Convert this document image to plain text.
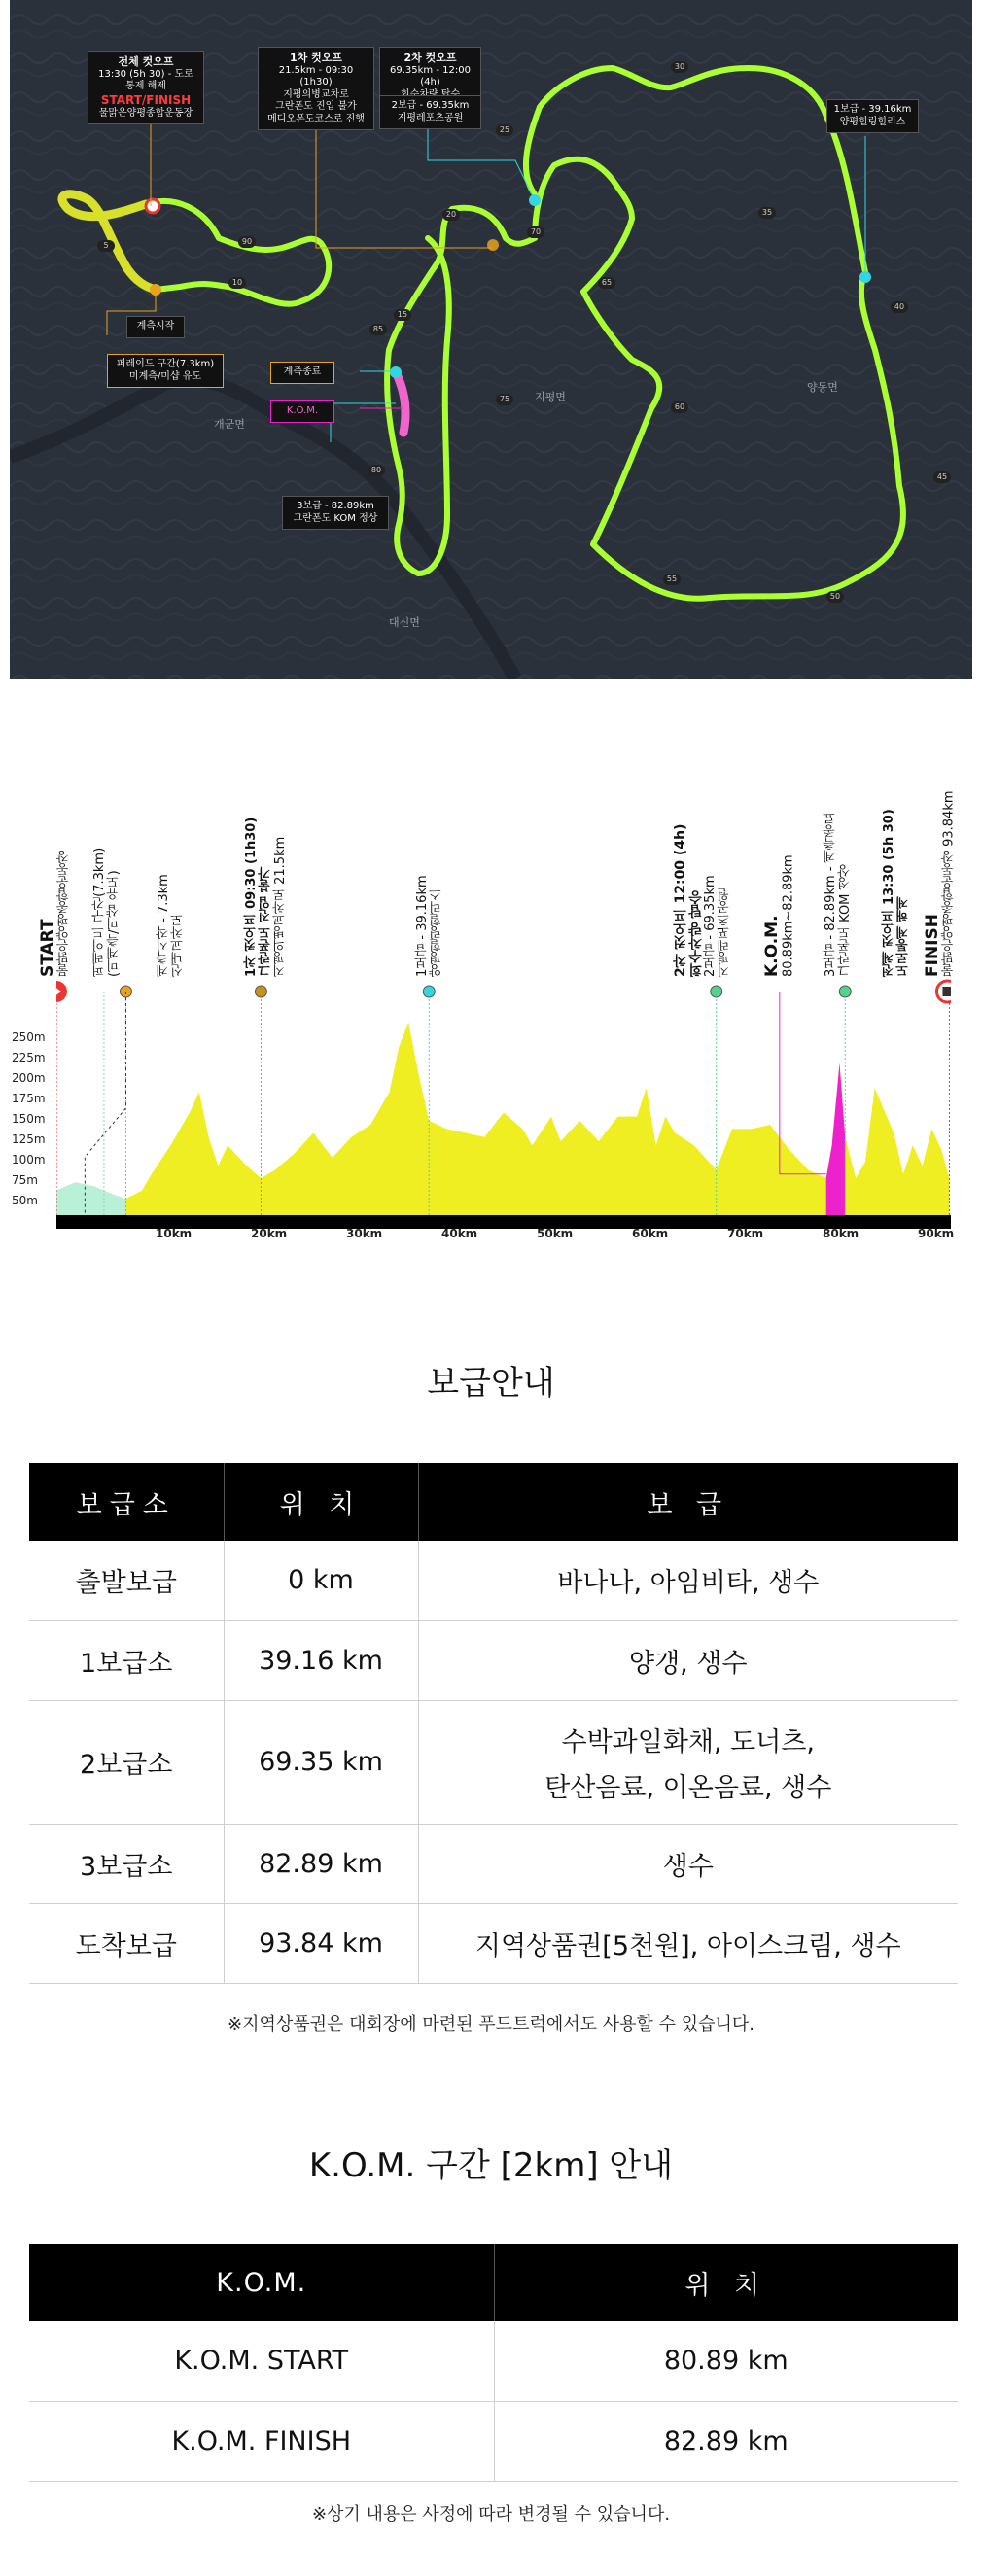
전체 컷오프
13:30 (5h 30) - 도로통제 해제
START/FINISH
물맑은양평종합운동장
1차 컷오프
21.5km - 09:30 (1h30)
지평의병교차로
그란폰도 진입 불가
메디오폰도코스로 진행
2차 컷오프
69.35km - 12:00 (4h)
2보급 - 69.35km
지평레포츠공원
1보급 - 39.16km
양평힐링힐리스
계측시작
퍼레이드 구간(7.3km)
미계측/미샵 유도	계측종료
K.O.M.
3보급 - 82.89km
그란폰도 KOM 정상
개군면
지평면
양동면
대신면
5
10
15
20
25
30
35
40
45
50
55
60
65
70
75
80
85
90
START
물맑은양평종합운동장 퍼레이드 구간(7.3km)
(미계측/미샵 유도)	계측시작 - 7.3km
신내교차로	1차 컷오프 09:30 (1h30)
그란폰도 진입 불가
지평의병교차로 21.5km	1보급 - 39.16km
양평힐링힐리스	2차 컷오프 12:00 (4h)
회수차량 탑승
2보급 - 69.35km
지평레포츠공원 K.O.M.
80.89km~82.89km 3보급 - 82.89km - 계측종료
그란폰도 KOM 정상 전체 컷오프 13:30 (5h 30)
도로통제 해제 FINISH
물맑은양평종합운동장 93.84km
250m
225m
200m
175m
150m
125m
100m
75m
50m
10km	20km	30km	40km	50km	60km	70km	80km	90km
보급안내
보급소	위 치	보 급
출발보급	0 km	바나나, 아임비타, 생수
1보급소	39.16 km	양갱, 생수
2보급소	69.35 km	수박과일화채, 도너츠,
탄산음료, 이온음료, 생수

3보급소	82.89 km	생수
도착보급	93.84 km	지역상품권[5천원], 아이스크림, 생수
※지역상품권은 대회장에 마련된 푸드트럭에서도 사용할 수 있습니다.
K.O.M. 구간 [2km] 안내
K.O.M.	위 치
K.O.M. START	80.89 km
K.O.M. FINISH	82.89 km
※상기 내용은 사정에 따라 변경될 수 있습니다.
